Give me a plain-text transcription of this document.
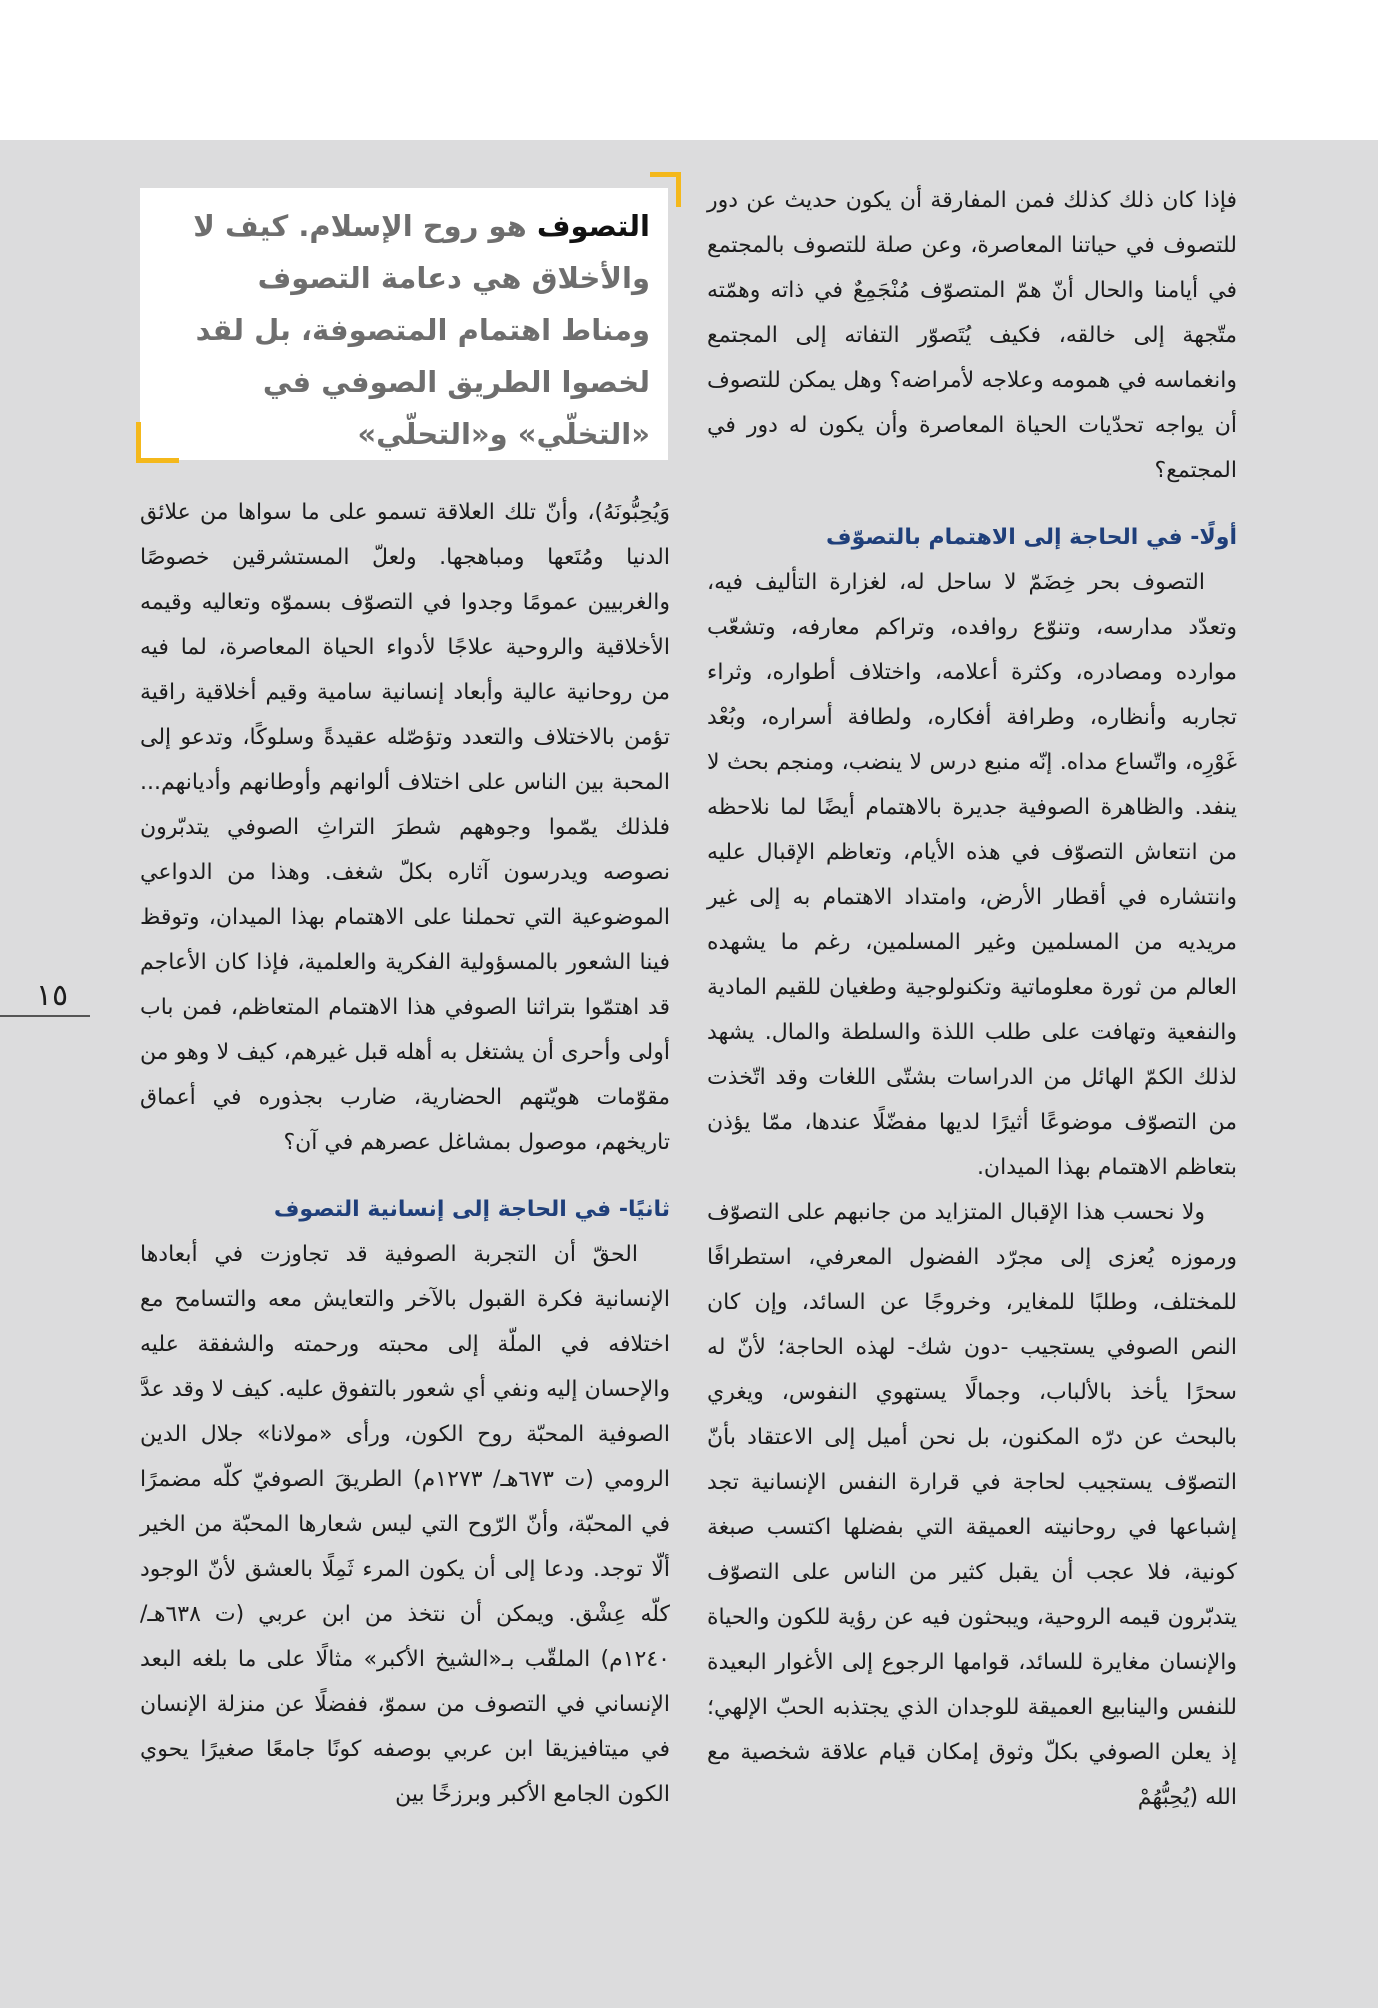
التصوف هو روح الإسلام. كيف لا والأخلاق هي دعامة التصوف ومناط اهتمام المتصوفة، بل لقد لخصوا الطريق الصوفي في «التخلّي» و«التحلّي»

فإذا كان ذلك كذلك فمن المفارقة أن يكون حديث عن دور للتصوف في حياتنا المعاصرة، وعن صلة للتصوف بالمجتمع في أيامنا والحال أنّ همّ المتصوّف مُنْجَمِعٌ في ذاته وهمّته متّجهة إلى خالقه، فكيف يُتَصوّر التفاته إلى المجتمع وانغماسه في همومه وعلاجه لأمراضه؟ وهل يمكن للتصوف أن يواجه تحدّيات الحياة المعاصرة وأن يكون له دور في المجتمع؟

أولًا- في الحاجة إلى الاهتمام بالتصوّف

التصوف بحر خِضَمّ لا ساحل له، لغزارة التأليف فيه، وتعدّد مدارسه، وتنوّع روافده، وتراكم معارفه، وتشعّب موارده ومصادره، وكثرة أعلامه، واختلاف أطواره، وثراء تجاربه وأنظاره، وطرافة أفكاره، ولطافة أسراره، وبُعْد غَوْرِه، واتّساع مداه. إنّه منبع درس لا ينضب، ومنجم بحث لا ينفد. والظاهرة الصوفية جديرة بالاهتمام أيضًا لما نلاحظه من انتعاش التصوّف في هذه الأيام، وتعاظم الإقبال عليه وانتشاره في أقطار الأرض، وامتداد الاهتمام به إلى غير مريديه من المسلمين وغير المسلمين، رغم ما يشهده العالم من ثورة معلوماتية وتكنولوجية وطغيان للقيم المادية والنفعية وتهافت على طلب اللذة والسلطة والمال. يشهد لذلك الكمّ الهائل من الدراسات بشتّى اللغات وقد اتّخذت من التصوّف موضوعًا أثيرًا لديها مفضّلًا عندها، ممّا يؤذن بتعاظم الاهتمام بهذا الميدان.

ولا نحسب هذا الإقبال المتزايد من جانبهم على التصوّف ورموزه يُعزى إلى مجرّد الفضول المعرفي، استطرافًا للمختلف، وطلبًا للمغاير، وخروجًا عن السائد، وإن كان النص الصوفي يستجيب -دون شك- لهذه الحاجة؛ لأنّ له سحرًا يأخذ بالألباب، وجمالًا يستهوي النفوس، ويغري بالبحث عن درّه المكنون، بل نحن أميل إلى الاعتقاد بأنّ التصوّف يستجيب لحاجة في قرارة النفس الإنسانية تجد إشباعها في روحانيته العميقة التي بفضلها اكتسب صبغة كونية، فلا عجب أن يقبل كثير من الناس على التصوّف يتدبّرون قيمه الروحية، ويبحثون فيه عن رؤية للكون والحياة والإنسان مغايرة للسائد، قوامها الرجوع إلى الأغوار البعيدة للنفس والينابيع العميقة للوجدان الذي يجتذبه الحبّ الإلهي؛ إذ يعلن الصوفي بكلّ وثوق إمكان قيام علاقة شخصية مع الله (يُحِبُّهُمْ

وَيُحِبُّونَهُ)، وأنّ تلك العلاقة تسمو على ما سواها من علائق الدنيا ومُتَعها ومباهجها. ولعلّ المستشرقين خصوصًا والغربيين عمومًا وجدوا في التصوّف بسموّه وتعاليه وقيمه الأخلاقية والروحية علاجًا لأدواء الحياة المعاصرة، لما فيه من روحانية عالية وأبعاد إنسانية سامية وقيم أخلاقية راقية تؤمن بالاختلاف والتعدد وتؤصّله عقيدةً وسلوكًا، وتدعو إلى المحبة بين الناس على اختلاف ألوانهم وأوطانهم وأديانهم... فلذلك يمّموا وجوههم شطرَ التراثِ الصوفي يتدبّرون نصوصه ويدرسون آثاره بكلّ شغف. وهذا من الدواعي الموضوعية التي تحملنا على الاهتمام بهذا الميدان، وتوقظ فينا الشعور بالمسؤولية الفكرية والعلمية، فإذا كان الأعاجم قد اهتمّوا بتراثنا الصوفي هذا الاهتمام المتعاظم، فمن باب أولى وأحرى أن يشتغل به أهله قبل غيرهم، كيف لا وهو من مقوّمات هويّتهم الحضارية، ضارب بجذوره في أعماق تاريخهم، موصول بمشاغل عصرهم في آن؟

ثانيًا- في الحاجة إلى إنسانية التصوف

الحقّ أن التجربة الصوفية قد تجاوزت في أبعادها الإنسانية فكرة القبول بالآخر والتعايش معه والتسامح مع اختلافه في الملّة إلى محبته ورحمته والشفقة عليه والإحسان إليه ونفي أي شعور بالتفوق عليه. كيف لا وقد عدَّ الصوفية المحبّة روح الكون، ورأى «مولانا» جلال الدين الرومي (ت ٦٧٣هـ/ ١٢٧٣م) الطريقَ الصوفيّ كلّه مضمرًا في المحبّة، وأنّ الرّوح التي ليس شعارها المحبّة من الخير ألّا توجد. ودعا إلى أن يكون المرء ثَمِلًا بالعشق لأنّ الوجود كلّه عِشْق. ويمكن أن نتخذ من ابن عربي (ت ٦٣٨هـ/ ١٢٤٠م) الملقّب بـ«الشيخ الأكبر» مثالًا على ما بلغه البعد الإنساني في التصوف من سموّ، ففضلًا عن منزلة الإنسان في ميتافيزيقا ابن عربي بوصفه كونًا جامعًا صغيرًا يحوي الكون الجامع الأكبر وبرزخًا بين

١٥
